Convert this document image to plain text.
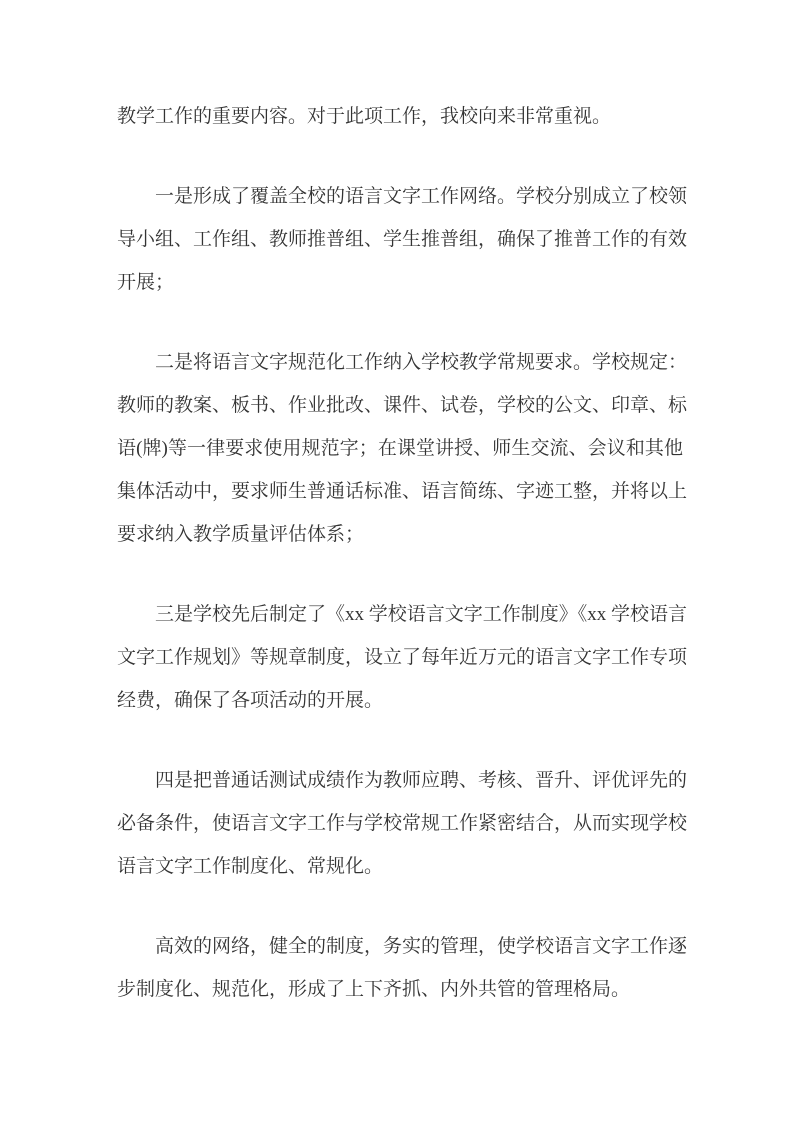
教学工作的重要内容。对于此项工作，我校向来非常重视。
一是形成了覆盖全校的语言文字工作网络。学校分别成立了校领
导小组、工作组、教师推普组、学生推普组，确保了推普工作的有效
开展；
二是将语言文字规范化工作纳入学校教学常规要求。学校规定：
教师的教案、板书、作业批改、课件、试卷，学校的公文、印章、标
语(牌)等一律要求使用规范字；在课堂讲授、师生交流、会议和其他
集体活动中，要求师生普通话标准、语言简练、字迹工整，并将以上
要求纳入教学质量评估体系；
三是学校先后制定了《xx 学校语言文字工作制度》《xx 学校语言
文字工作规划》等规章制度，设立了每年近万元的语言文字工作专项
经费，确保了各项活动的开展。
四是把普通话测试成绩作为教师应聘、考核、晋升、评优评先的
必备条件，使语言文字工作与学校常规工作紧密结合，从而实现学校
语言文字工作制度化、常规化。
高效的网络，健全的制度，务实的管理，使学校语言文字工作逐
步制度化、规范化，形成了上下齐抓、内外共管的管理格局。
